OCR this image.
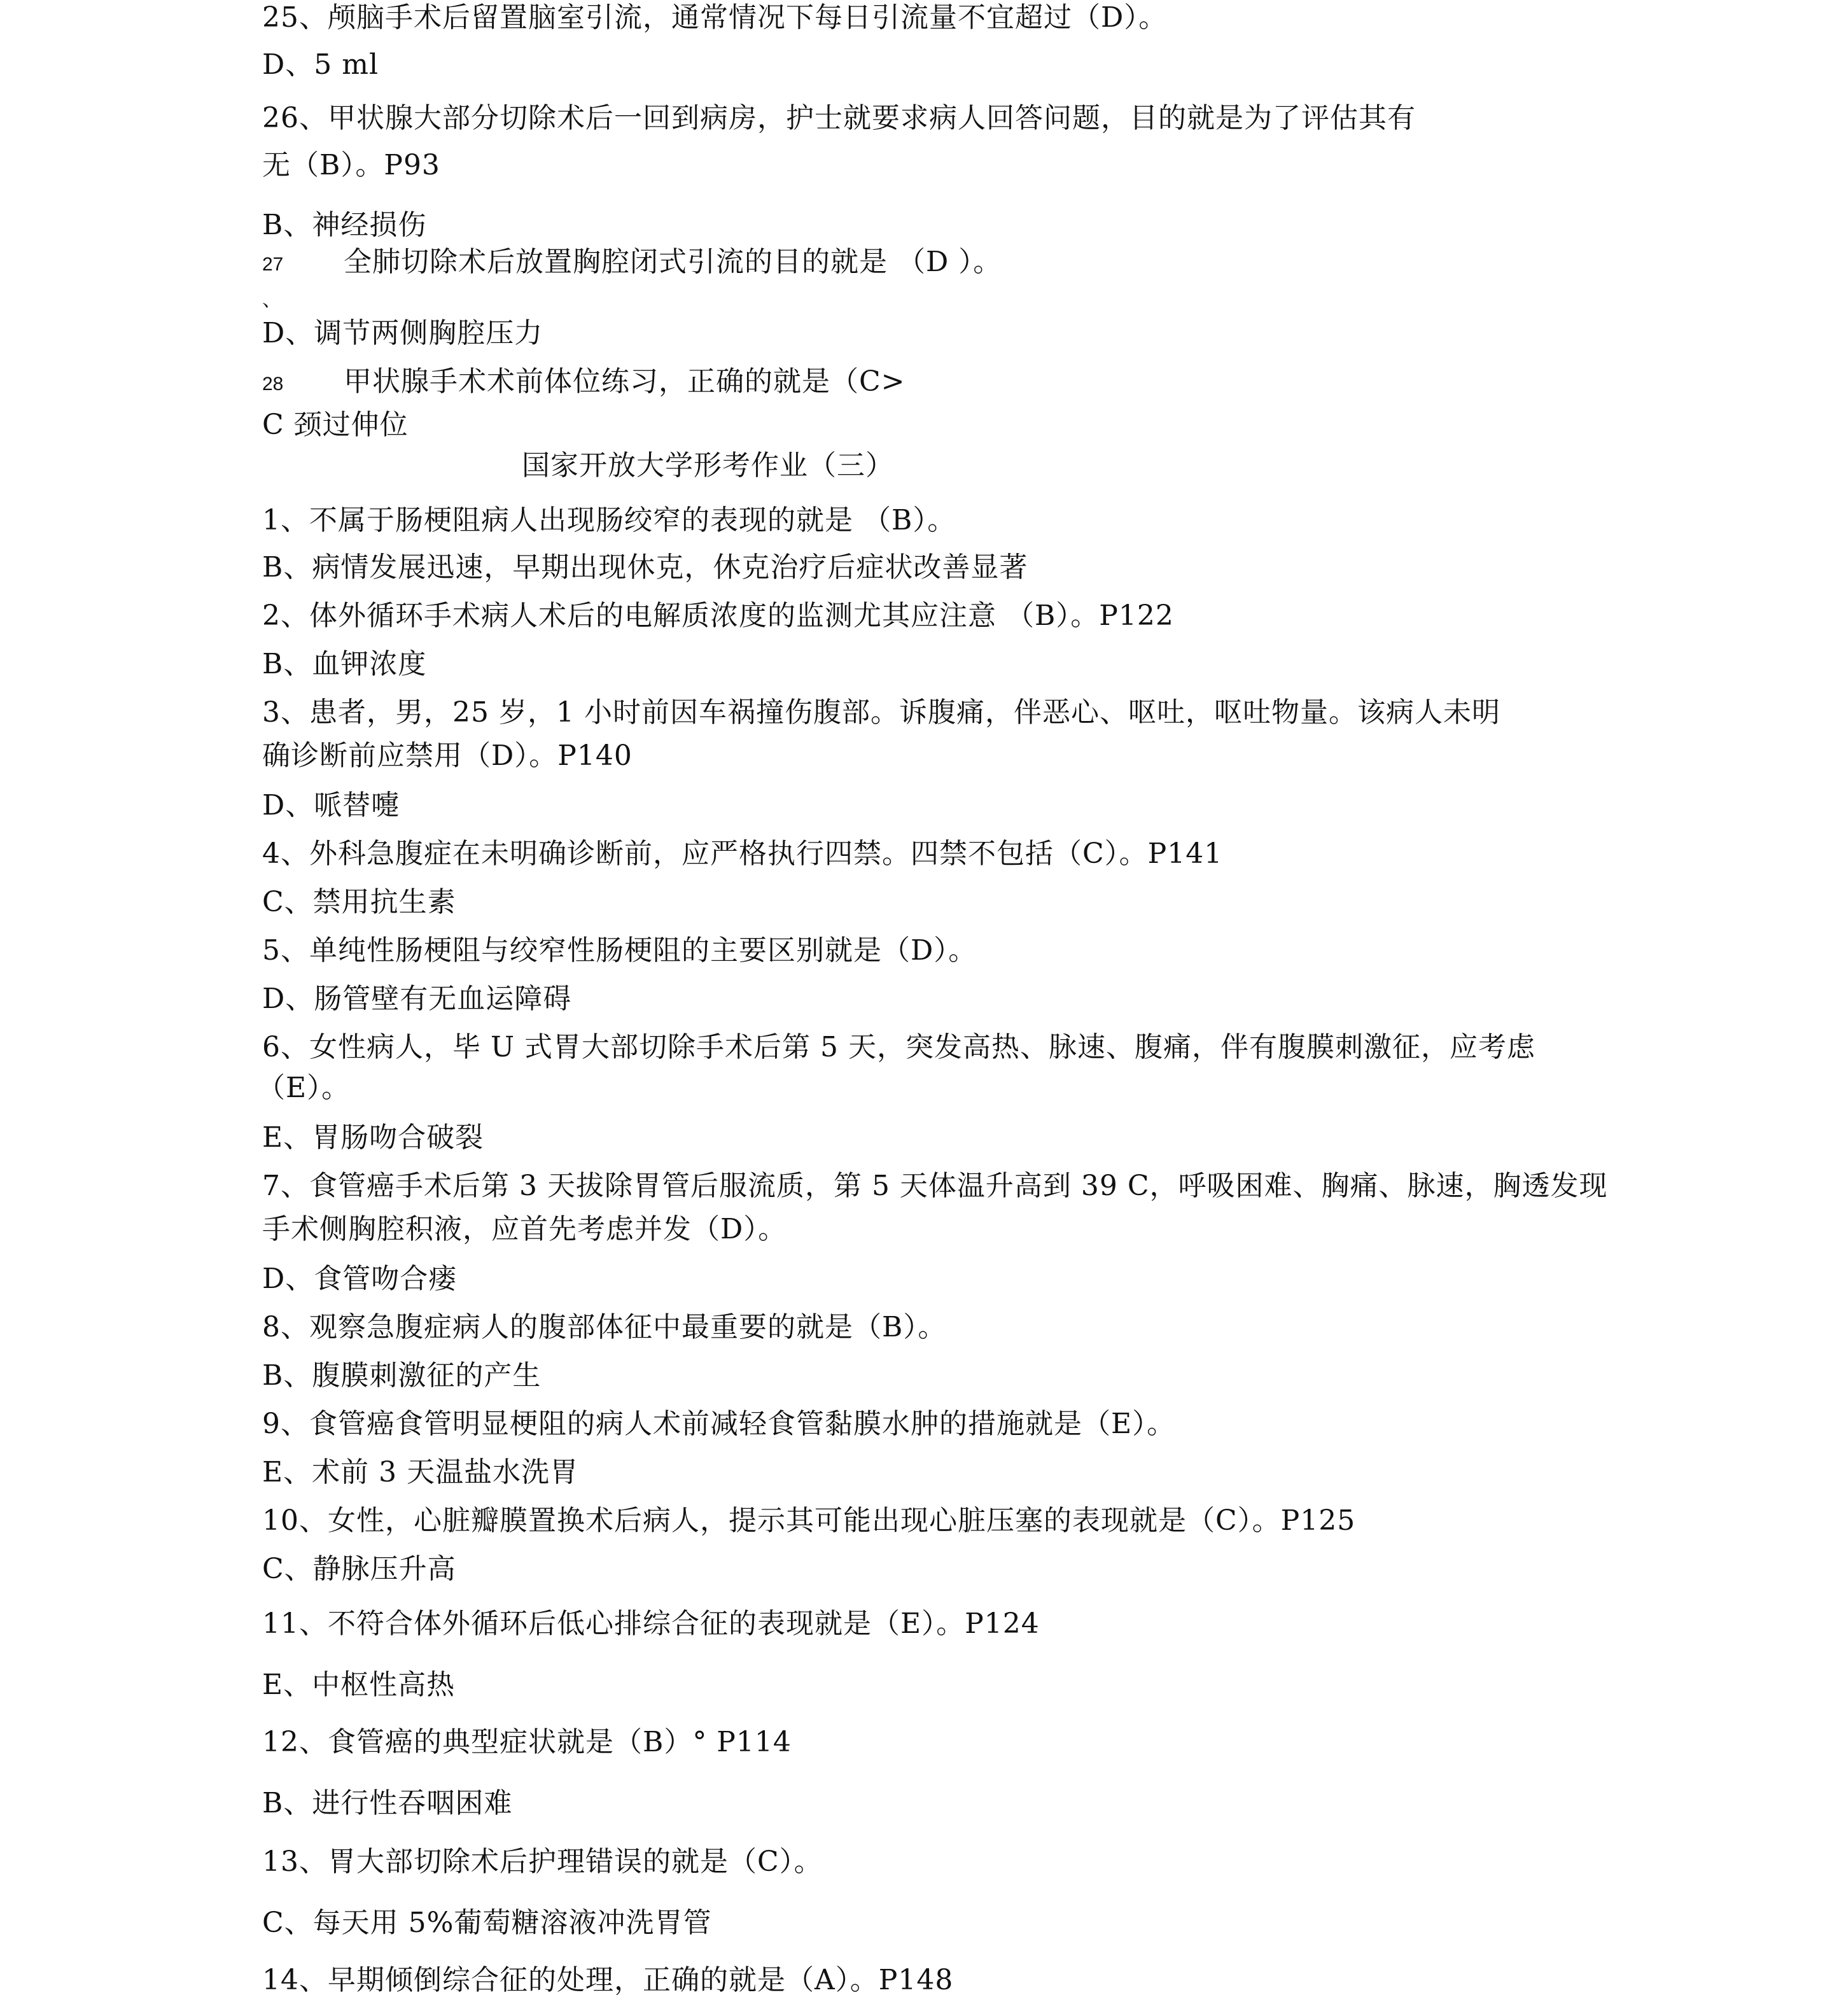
25、颅脑手术后留置脑室引流，通常情况下每日引流量不宜超过（D）。
D、5 ml
26、甲状腺大部分切除术后一回到病房，护士就要求病人回答问题，目的就是为了评估其有
无（B）。P93
B、神经损伤
27 全肺切除术后放置胸腔闭式引流的目的就是 （D ）。
、
D、调节两侧胸腔压力
28 甲状腺手术术前体位练习，正确的就是（C>
C 颈过伸位
国家开放大学形考作业（三）
1、不属于肠梗阻病人出现肠绞窄的表现的就是 （B）。
B、病情发展迅速，早期出现休克，休克治疗后症状改善显著
2、体外循环手术病人术后的电解质浓度的监测尤其应注意 （B）。P122
B、血钾浓度
3、患者，男，25 岁，1 小时前因车祸撞伤腹部。诉腹痛，伴恶心、呕吐，呕吐物量。该病人未明
确诊断前应禁用（D）。P140
D、哌替嚏
4、外科急腹症在未明确诊断前，应严格执行四禁。四禁不包括（C）。P141
C、禁用抗生素
5、单纯性肠梗阻与绞窄性肠梗阻的主要区别就是（D）。
D、肠管壁有无血运障碍
6、女性病人，毕 U 式胃大部切除手术后第 5 天，突发高热、脉速、腹痛，伴有腹膜刺激征，应考虑
（E）。
E、胃肠吻合破裂
7、食管癌手术后第 3 天拔除胃管后服流质，第 5 天体温升高到 39 C，呼吸困难、胸痛、脉速，胸透发现
手术侧胸腔积液，应首先考虑并发（D）。
D、食管吻合瘘
8、观察急腹症病人的腹部体征中最重要的就是（B）。
B、腹膜刺激征的产生
9、食管癌食管明显梗阻的病人术前减轻食管黏膜水肿的措施就是（E）。
E、术前 3 天温盐水洗胃
10、女性，心脏瓣膜置换术后病人，提示其可能出现心脏压塞的表现就是（C）。P125
C、静脉压升高
11、不符合体外循环后低心排综合征的表现就是（E）。P124
E、中枢性高热
12、食管癌的典型症状就是（B）° P114
B、进行性吞咽困难
13、胃大部切除术后护理错误的就是（C）。
C、每天用 5%葡萄糖溶液冲洗胃管
14、早期倾倒综合征的处理，正确的就是（A）。P148
